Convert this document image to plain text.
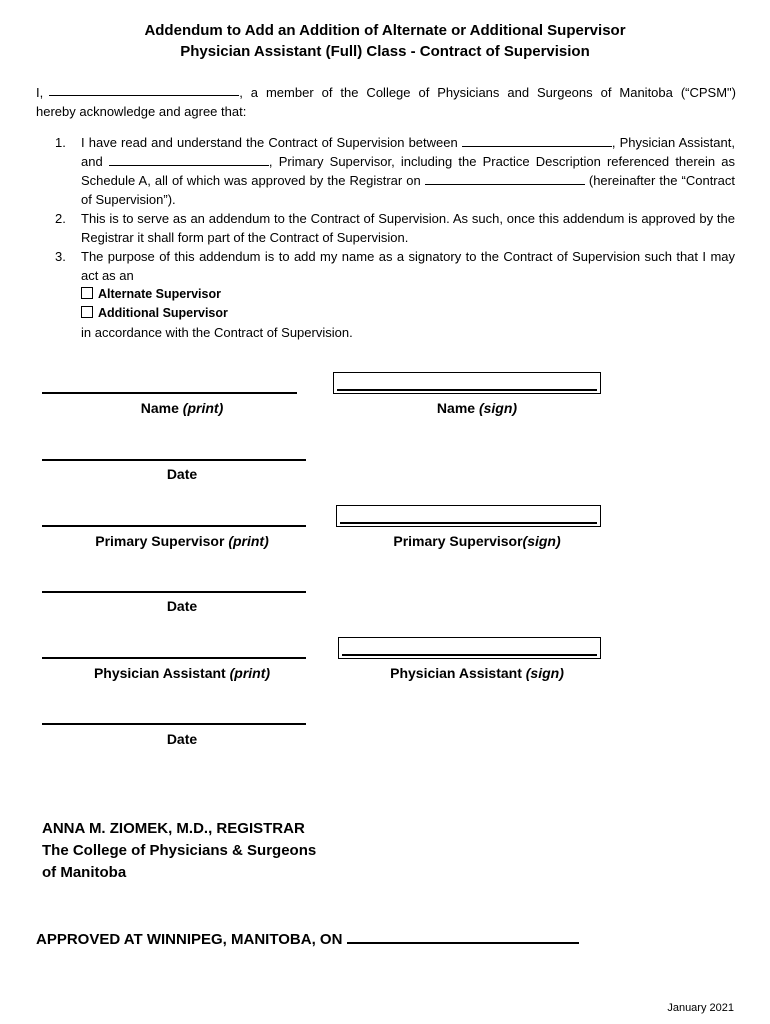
Addendum to Add an Addition of Alternate or Additional Supervisor
Physician Assistant (Full) Class - Contract of Supervision
I,	, a member of the College of Physicians and Surgeons of Manitoba (“CPSM")
hereby acknowledge and agree that:
1.	I have read and understand the Contract of Supervision between	, Physician Assistant, and	, Primary Supervisor, including the Practice Description referenced therein as Schedule A, all of which was approved by the Registrar on	(hereinafter the “Contract of Supervision”).
2.	This is to serve as an addendum to the Contract of Supervision. As such, once this addendum is approved by the Registrar it shall form part of the Contract of Supervision.
3.	The purpose of this addendum is to add my name as a signatory to the Contract of Supervision such that I may act as an
Alternate Supervisor
Additional Supervisor
in accordance with the Contract of Supervision.
Name (print)	Name (sign)
Date
Primary Supervisor (print)	Primary Supervisor(sign)
Date
Physician Assistant (print)	Physician Assistant (sign)
Date
ANNA M. ZIOMEK, M.D., REGISTRAR
The College of Physicians & Surgeons
of Manitoba
APPROVED AT WINNIPEG, MANITOBA, ON
January 2021
